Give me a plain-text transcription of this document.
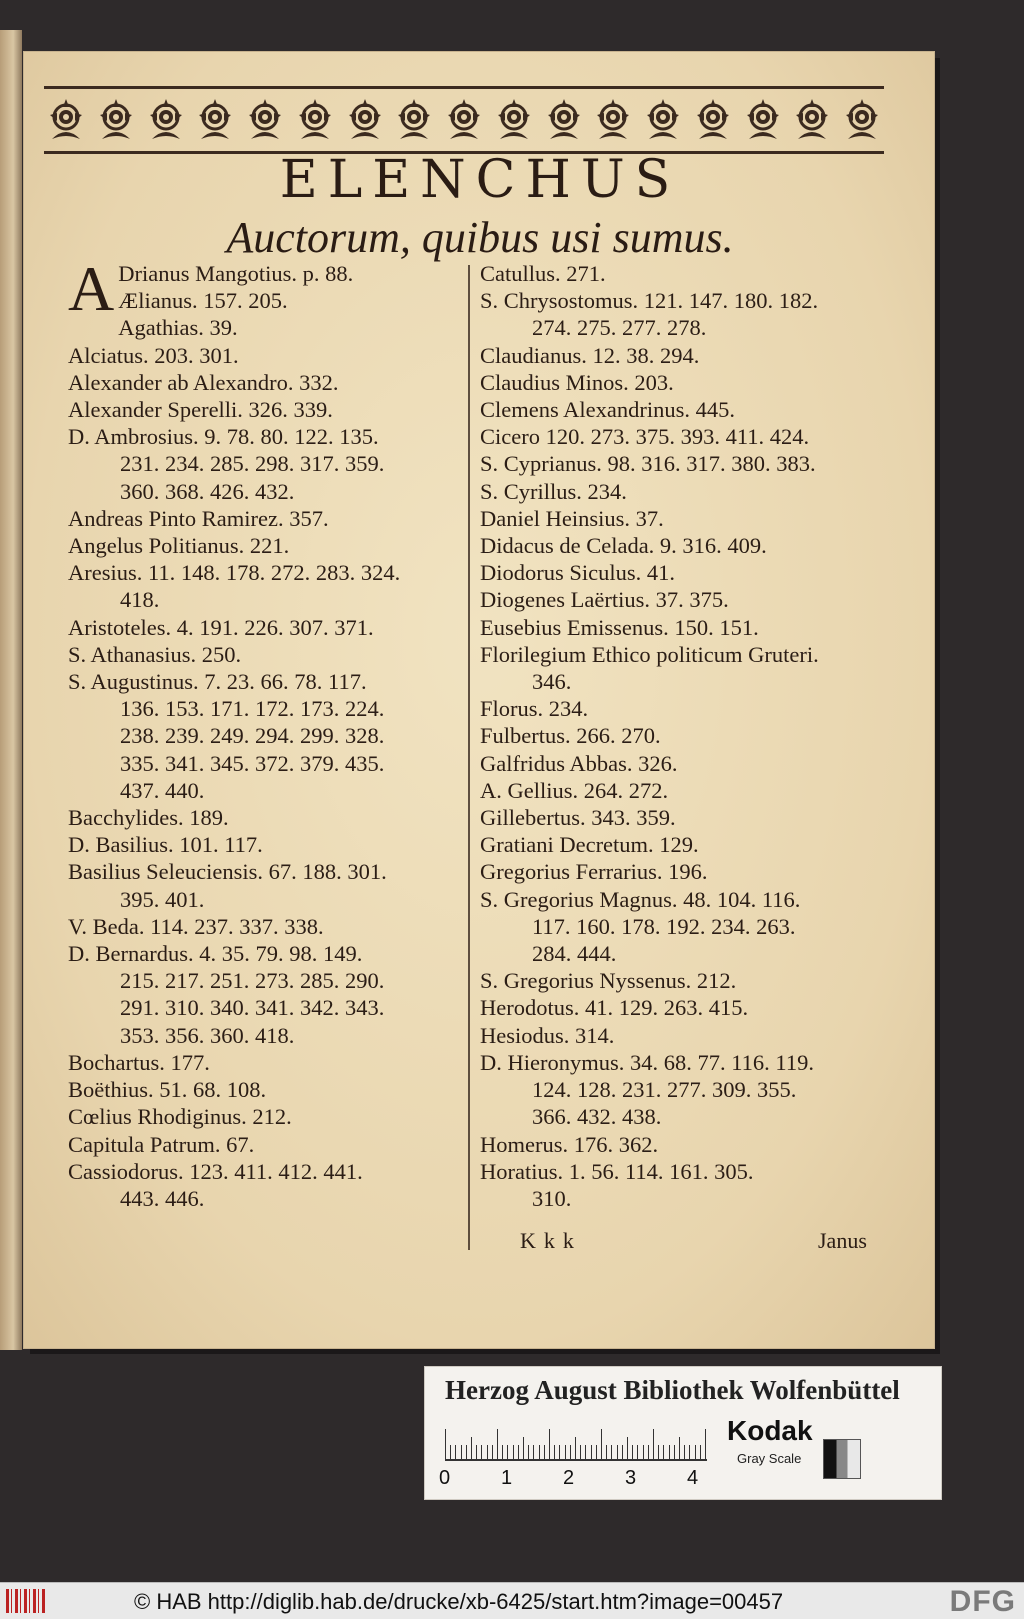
ELENCHUS
Auctorum, quibus usi sumus.
A Drianus Mangotius. p. 88.
Ælianus. 157. 205.
Agathias. 39.
Alciatus. 203. 301.
Alexander ab Alexandro. 332.
Alexander Sperelli. 326. 339.
D. Ambrosius. 9. 78. 80. 122. 135.
231. 234. 285. 298. 317. 359.
360. 368. 426. 432.
Andreas Pinto Ramirez. 357.
Angelus Politianus. 221.
Aresius. 11. 148. 178. 272. 283. 324.
418.
Aristoteles. 4. 191. 226. 307. 371.
S. Athanasius. 250.
S. Augustinus. 7. 23. 66. 78. 117.
136. 153. 171. 172. 173. 224.
238. 239. 249. 294. 299. 328.
335. 341. 345. 372. 379. 435.
437. 440.
Bacchylides. 189.
D. Basilius. 101. 117.
Basilius Seleuciensis. 67. 188. 301.
395. 401.
V. Beda. 114. 237. 337. 338.
D. Bernardus. 4. 35. 79. 98. 149.
215. 217. 251. 273. 285. 290.
291. 310. 340. 341. 342. 343.
353. 356. 360. 418.
Bochartus. 177.
Boëthius. 51. 68. 108.
Cœlius Rhodiginus. 212.
Capitula Patrum. 67.
Cassiodorus. 123. 411. 412. 441.
443. 446.
Catullus. 271.
S. Chrysostomus. 121. 147. 180. 182.
274. 275. 277. 278.
Claudianus. 12. 38. 294.
Claudius Minos. 203.
Clemens Alexandrinus. 445.
Cicero 120. 273. 375. 393. 411. 424.
S. Cyprianus. 98. 316. 317. 380. 383.
S. Cyrillus. 234.
Daniel Heinsius. 37.
Didacus de Celada. 9. 316. 409.
Diodorus Siculus. 41.
Diogenes Laërtius. 37. 375.
Eusebius Emissenus. 150. 151.
Florilegium Ethico politicum Gruteri.
346.
Florus. 234.
Fulbertus. 266. 270.
Galfridus Abbas. 326.
A. Gellius. 264. 272.
Gillebertus. 343. 359.
Gratiani Decretum. 129.
Gregorius Ferrarius. 196.
S. Gregorius Magnus. 48. 104. 116.
117. 160. 178. 192. 234. 263.
284. 444.
S. Gregorius Nyssenus. 212.
Herodotus. 41. 129. 263. 415.
Hesiodus. 314.
D. Hieronymus. 34. 68. 77. 116. 119.
124. 128. 231. 277. 309. 355.
366. 432. 438.
Homerus. 176. 362.
Horatius. 1. 56. 114. 161. 305.
310.
Kkk	Janus
Herzog August Bibliothek Wolfenbüttel
Kodak
Gray Scale
0	1	2	3	4
© HAB http://diglib.hab.de/drucke/xb-6425/start.htm?image=00457	DFG
